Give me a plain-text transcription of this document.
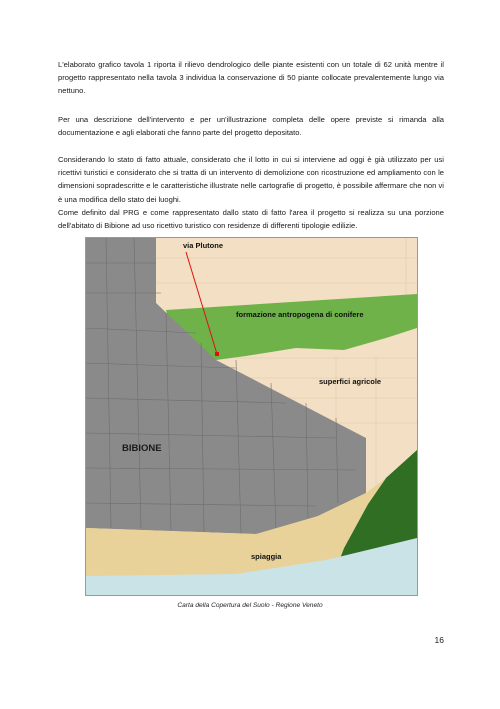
L'elaborato grafico tavola 1 riporta il rilievo dendrologico delle piante esistenti con un totale di 62 unità mentre il progetto rappresentato nella tavola 3 individua la conservazione di 50 piante collocate prevalentemente lungo via nettuno.

Per una descrizione dell'intervento e per un'illustrazione completa delle opere previste si rimanda alla documentazione e agli elaborati che fanno parte del progetto depositato.

Considerando lo stato di fatto attuale, considerato che il lotto in cui si interviene ad oggi è già utilizzato per usi ricettivi turistici e considerato che si tratta di un intervento di demolizione con ricostruzione ed ampliamento con le dimensioni sopradescritte e le caratteristiche illustrate nelle cartografie di progetto, è possibile affermare che non vi è una modifica dello stato dei luoghi.
Come definito dal PRG e come rappresentato dallo stato di fatto l'area il progetto si realizza su una porzione dell'abitato di Bibione ad uso ricettivo turistico con residenze di differenti tipologie edilizie.

via Plutone
formazione antropogena di conifere
superfici agricole
BIBIONE
spiaggia
Carta della Copertura del Suolo - Regione Veneto
16
